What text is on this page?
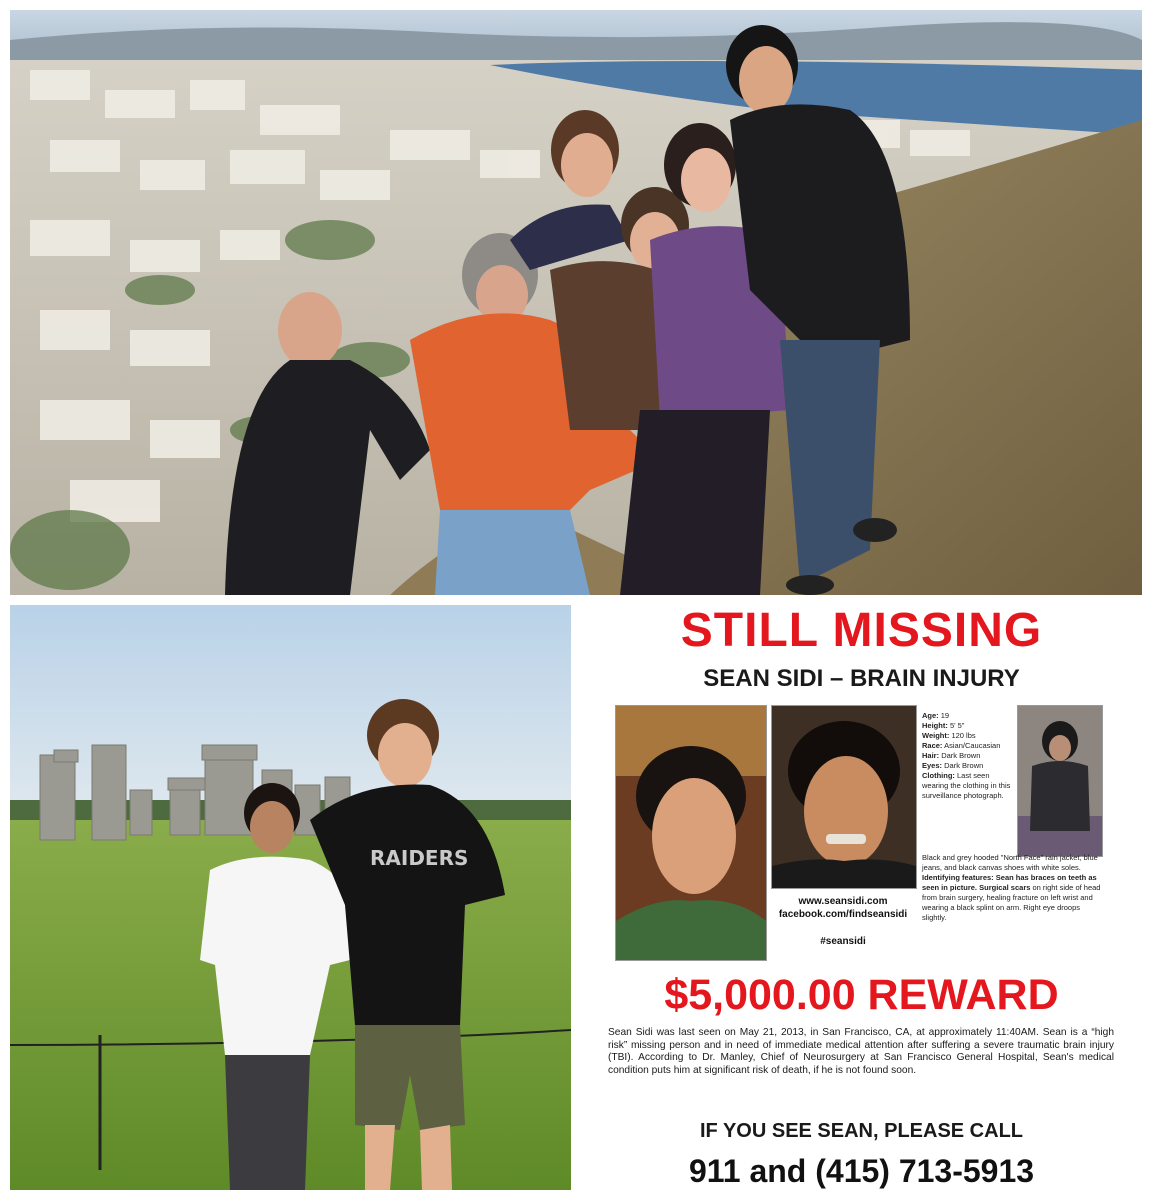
RAIDERS
STILL MISSING
SEAN SIDI – BRAIN INJURY
Age: 19
Height: 5' 5"
Weight: 120 lbs
Race: Asian/Caucasian
Hair: Dark Brown
Eyes: Dark Brown
Clothing: Last seen wearing the clothing in this surveillance photograph.
Black and grey hooded "North Face" rain jacket, blue jeans, and black canvas shoes with white soles.
Identifying features: Sean has braces on teeth as seen in picture. Surgical scars on right side of head from brain surgery, healing fracture on left wrist and wearing a black splint on arm. Right eye droops slightly.
www.seansidi.com
facebook.com/findseansidi
#seansidi
$5,000.00 REWARD
Sean Sidi was last seen on May 21, 2013, in San Francisco, CA, at approximately 11:40AM. Sean is a “high risk” missing person and in need of immediate medical attention after suffering a severe traumatic brain injury (TBI). According to Dr. Manley, Chief of Neurosurgery at San Francisco General Hospital, Sean's medical condition puts him at significant risk of death, if he is not found soon.
IF YOU SEE SEAN, PLEASE CALL
911 and (415) 713-5913
